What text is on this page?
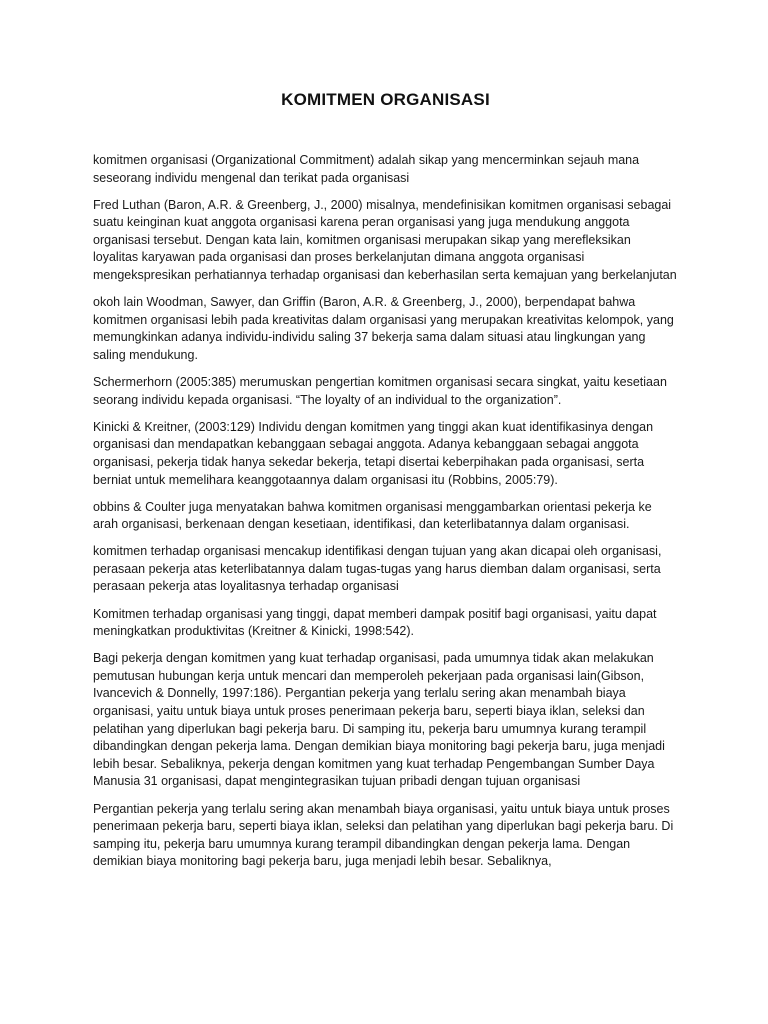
KOMITMEN ORGANISASI

komitmen organisasi (Organizational Commitment) adalah sikap yang mencerminkan sejauh mana seseorang individu mengenal dan terikat pada organisasi

Fred Luthan (Baron, A.R. & Greenberg, J., 2000) misalnya, mendefinisikan komitmen organisasi sebagai suatu keinginan kuat anggota organisasi karena peran organisasi yang juga mendukung anggota organisasi tersebut. Dengan kata lain, komitmen organisasi merupakan sikap yang merefleksikan loyalitas karyawan pada organisasi dan proses berkelanjutan dimana anggota organisasi mengekspresikan perhatiannya terhadap organisasi dan keberhasilan serta kemajuan yang berkelanjutan

okoh lain Woodman, Sawyer, dan Griffin (Baron, A.R. & Greenberg, J., 2000), berpendapat bahwa komitmen organisasi lebih pada kreativitas dalam organisasi yang merupakan kreativitas kelompok, yang memungkinkan adanya individu-individu saling 37 bekerja sama dalam situasi atau lingkungan yang saling mendukung.

Schermerhorn (2005:385) merumuskan pengertian komitmen organisasi secara singkat, yaitu kesetiaan seorang individu kepada organisasi. “The loyalty of an individual to the organization”.

Kinicki & Kreitner, (2003:129) Individu dengan komitmen yang tinggi akan kuat identifikasinya dengan organisasi dan mendapatkan kebanggaan sebagai anggota. Adanya kebanggaan sebagai anggota organisasi, pekerja tidak hanya sekedar bekerja, tetapi disertai keberpihakan pada organisasi, serta berniat untuk memelihara keanggotaannya dalam organisasi itu (Robbins, 2005:79).

obbins & Coulter juga menyatakan bahwa komitmen organisasi menggambarkan orientasi pekerja ke arah organisasi, berkenaan dengan kesetiaan, identifikasi, dan keterlibatannya dalam organisasi.

komitmen terhadap organisasi mencakup identifikasi dengan tujuan yang akan dicapai oleh organisasi, perasaan pekerja atas keterlibatannya dalam tugas-tugas yang harus diemban dalam organisasi, serta perasaan pekerja atas loyalitasnya terhadap organisasi

Komitmen terhadap organisasi yang tinggi, dapat memberi dampak positif bagi organisasi, yaitu dapat meningkatkan produktivitas (Kreitner & Kinicki, 1998:542).

Bagi pekerja dengan komitmen yang kuat terhadap organisasi, pada umumnya tidak akan melakukan pemutusan hubungan kerja untuk mencari dan memperoleh pekerjaan pada organisasi lain(Gibson, Ivancevich & Donnelly, 1997:186). Pergantian pekerja yang terlalu sering akan menambah biaya organisasi, yaitu untuk biaya untuk proses penerimaan pekerja baru, seperti biaya iklan, seleksi dan pelatihan yang diperlukan bagi pekerja baru. Di samping itu, pekerja baru umumnya kurang terampil dibandingkan dengan pekerja lama. Dengan demikian biaya monitoring bagi pekerja baru, juga menjadi lebih besar. Sebaliknya, pekerja dengan komitmen yang kuat terhadap Pengembangan Sumber Daya Manusia 31 organisasi, dapat mengintegrasikan tujuan pribadi dengan tujuan organisasi

Pergantian pekerja yang terlalu sering akan menambah biaya organisasi, yaitu untuk biaya untuk proses penerimaan pekerja baru, seperti biaya iklan, seleksi dan pelatihan yang diperlukan bagi pekerja baru. Di samping itu, pekerja baru umumnya kurang terampil dibandingkan dengan pekerja lama. Dengan demikian biaya monitoring bagi pekerja baru, juga menjadi lebih besar. Sebaliknya,
